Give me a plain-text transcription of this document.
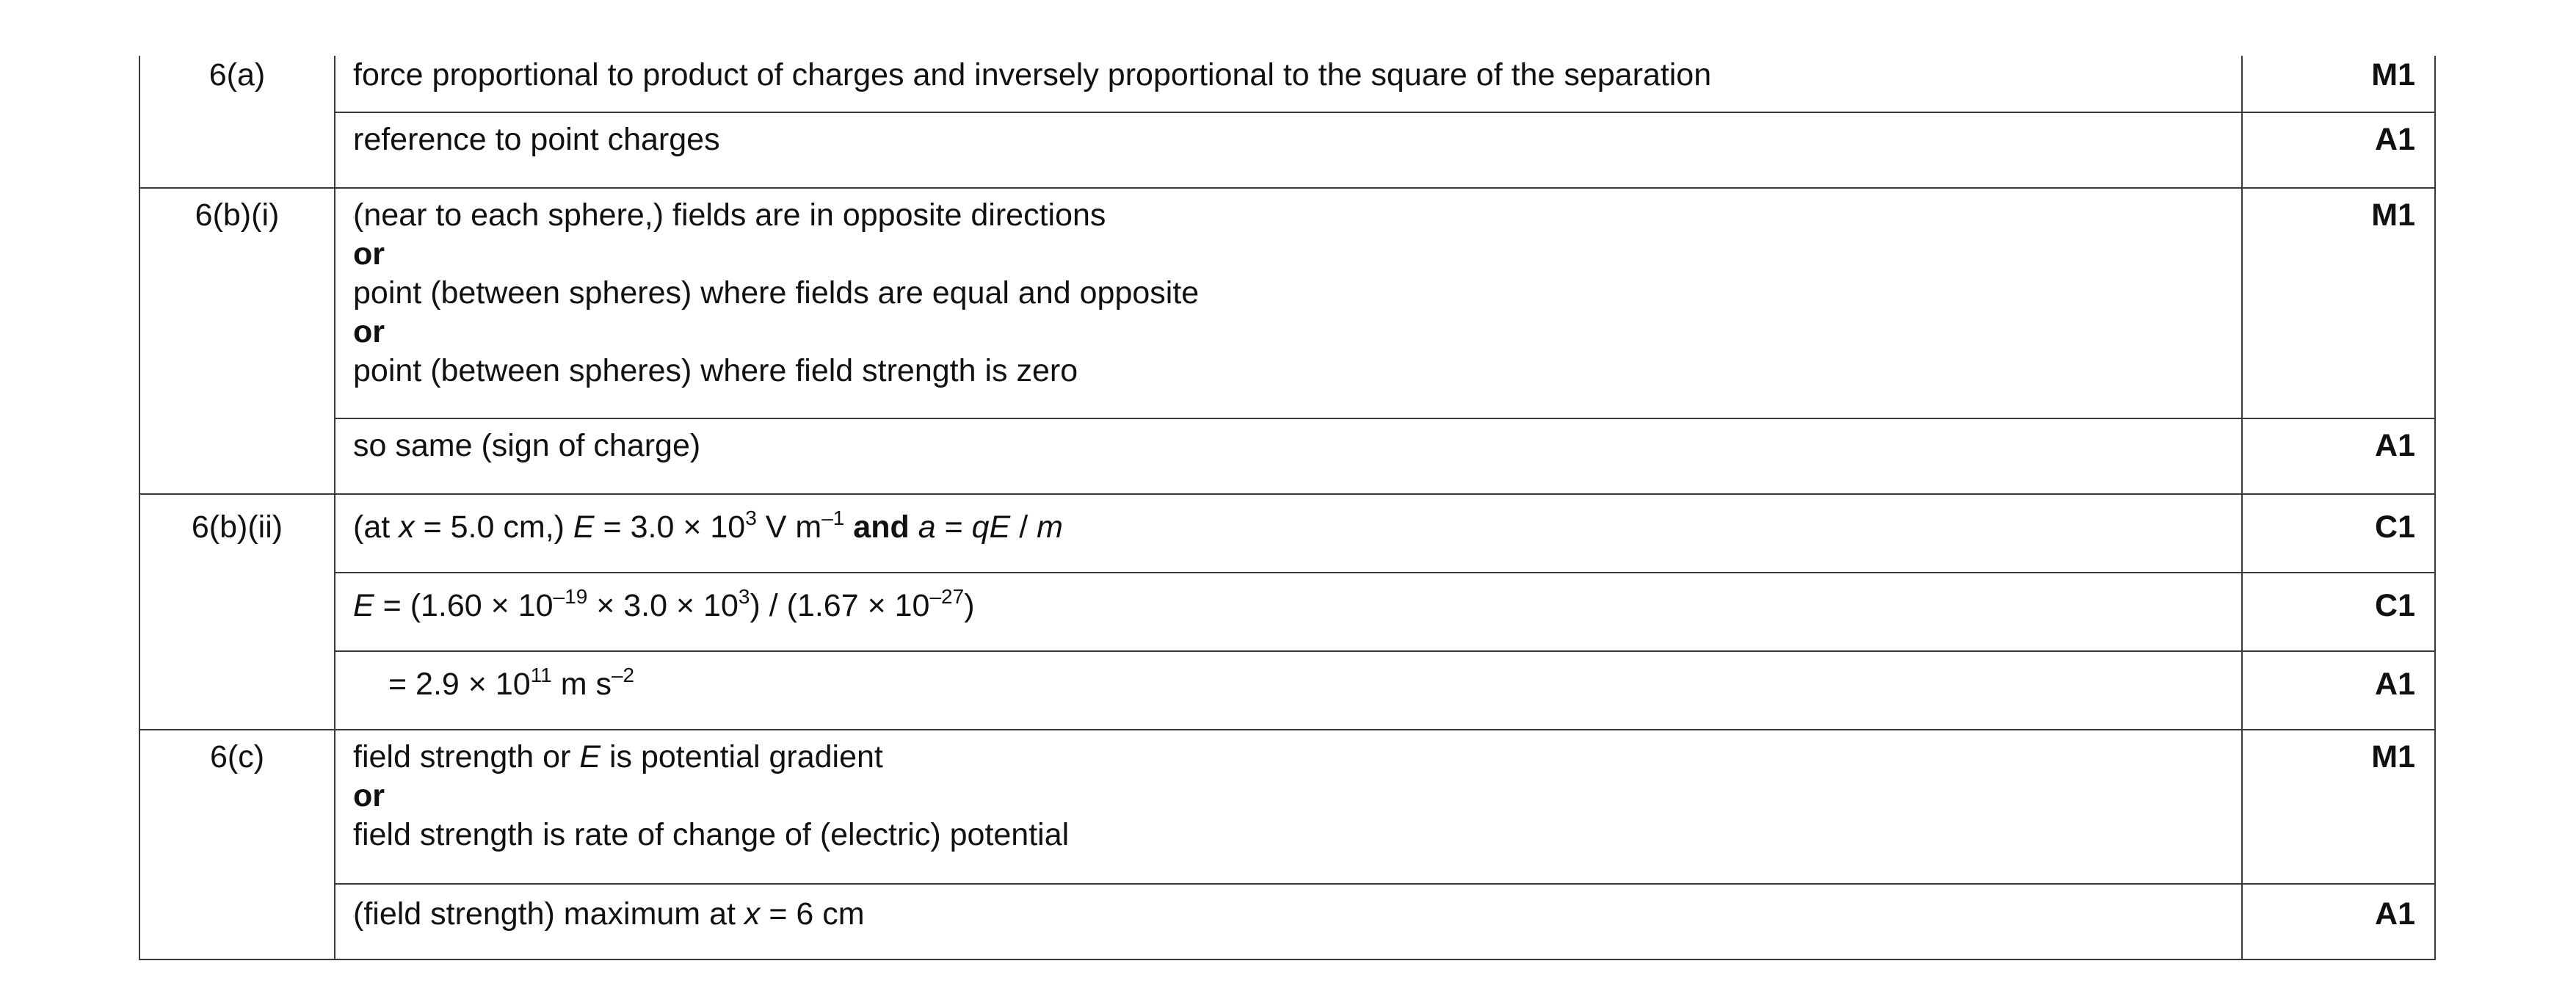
6(a)	force proportional to product of charges and inversely proportional to the square of the separation	M1

	reference to point charges	A1

6(b)(i)	(near to each sphere,) fields are in opposite directions
or
point (between spheres) where fields are equal and opposite
or
point (between spheres) where field strength is zero	M1

	so same (sign of charge)	A1

6(b)(ii)	(at x = 5.0 cm,) $E = 3.0 \times 10^3$ V $m^{-1}$ and a = qE / m	C1

	$E = (1.60 \times 10^{-19} \times 3.0 \times 10^3) / (1.67 \times 10^{-27})$	C1

	= $2.9 \times 10^{11}$ m $s^{-2}$	A1

6(c)	field strength or E is potential gradient
or
field strength is rate of change of (electric) potential	M1

	(field strength) maximum at x = 6 cm	A1
